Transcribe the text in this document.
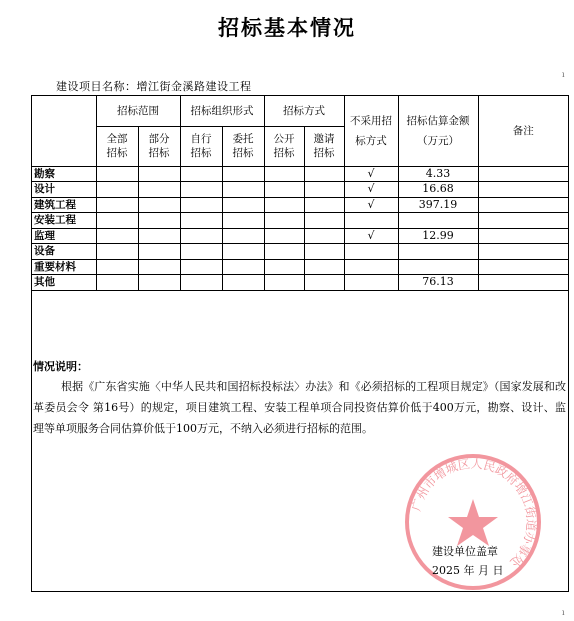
招标基本情况
建设项目名称：增江街金溪路建设工程
ı
	招标范围		招标组织形式		招标方式		不采用招标方式	招标估算金额（万元）	备注
	全部招标	部分招标	自行招标	委托招标	公开招标	邀请招标			
勘察							√	4.33	
设计							√	16.68	
建筑工程							√	397.19	
安装工程									
监理							√	12.99	
设备									
重要材料									
其他								76.13	
情况说明：
根据《广东省实施〈中华人民共和国招标投标法〉办法》和《必须招标的工程项目规定》（国家发展和改革委员会令 第16号）的规定，项目建筑工程、安装工程单项合同投资估算价低于400万元，勘察、设计、监理等单项服务合同估算价低于100万元，不纳入必须进行招标的范围。
广州市增城区人民政府增江街道办事处
建设单位盖章
2025 年 月 日
ı
